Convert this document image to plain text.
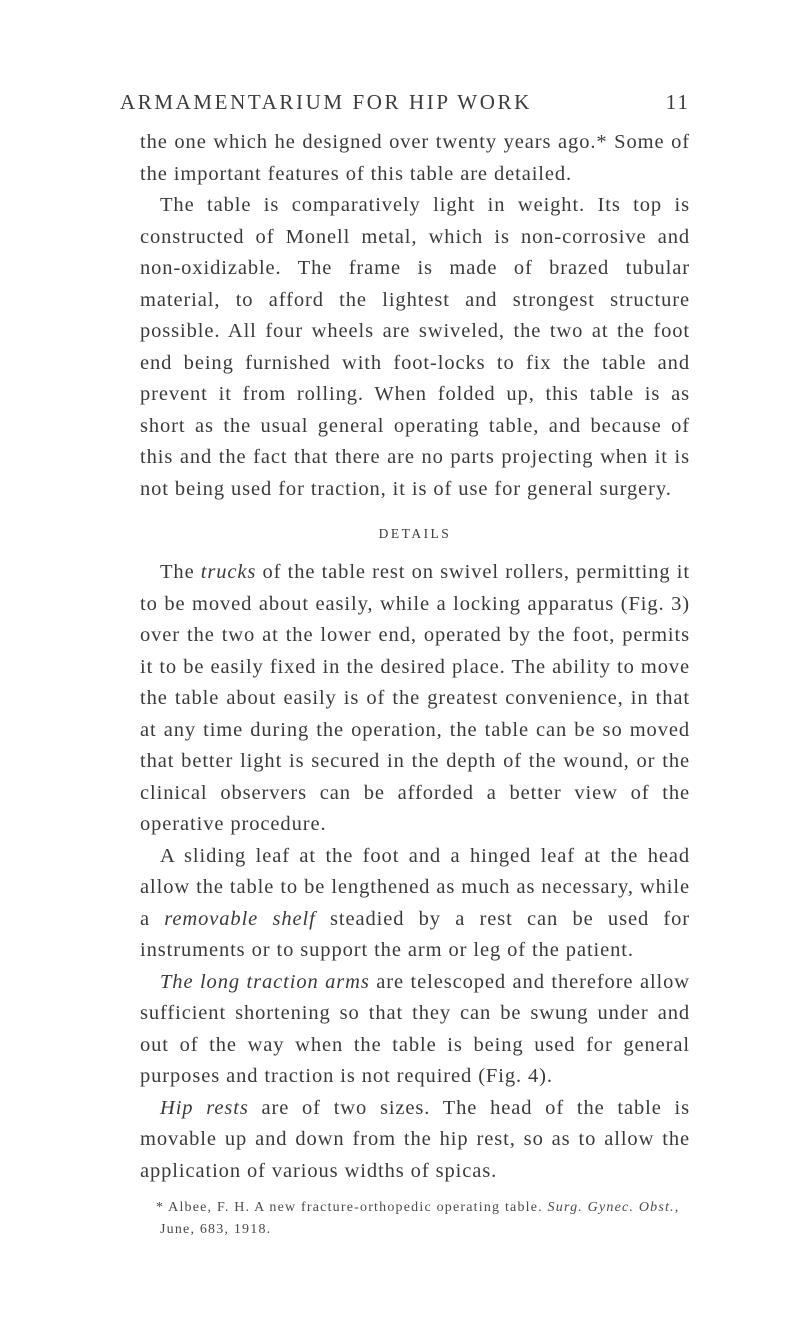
ARMAMENTARIUM FOR HIP WORK	11

the one which he designed over twenty years ago.* Some of the important features of this table are detailed.

The table is comparatively light in weight. Its top is constructed of Monell metal, which is non-corrosive and non-oxidizable. The frame is made of brazed tubular material, to afford the lightest and strongest structure possible. All four wheels are swiveled, the two at the foot end being furnished with foot-locks to fix the table and prevent it from rolling. When folded up, this table is as short as the usual general operating table, and because of this and the fact that there are no parts projecting when it is not being used for traction, it is of use for general surgery.

DETAILS

The trucks of the table rest on swivel rollers, permitting it to be moved about easily, while a locking apparatus (Fig. 3) over the two at the lower end, operated by the foot, permits it to be easily fixed in the desired place. The ability to move the table about easily is of the greatest convenience, in that at any time during the operation, the table can be so moved that better light is secured in the depth of the wound, or the clinical observers can be afforded a better view of the operative procedure.

A sliding leaf at the foot and a hinged leaf at the head allow the table to be lengthened as much as necessary, while a removable shelf steadied by a rest can be used for instruments or to support the arm or leg of the patient.

The long traction arms are telescoped and therefore allow sufficient shortening so that they can be swung under and out of the way when the table is being used for general purposes and traction is not required (Fig. 4).

Hip rests are of two sizes. The head of the table is movable up and down from the hip rest, so as to allow the application of various widths of spicas.

* Albee, F. H. A new fracture-orthopedic operating table. Surg. Gynec. Obst., June, 683, 1918.
